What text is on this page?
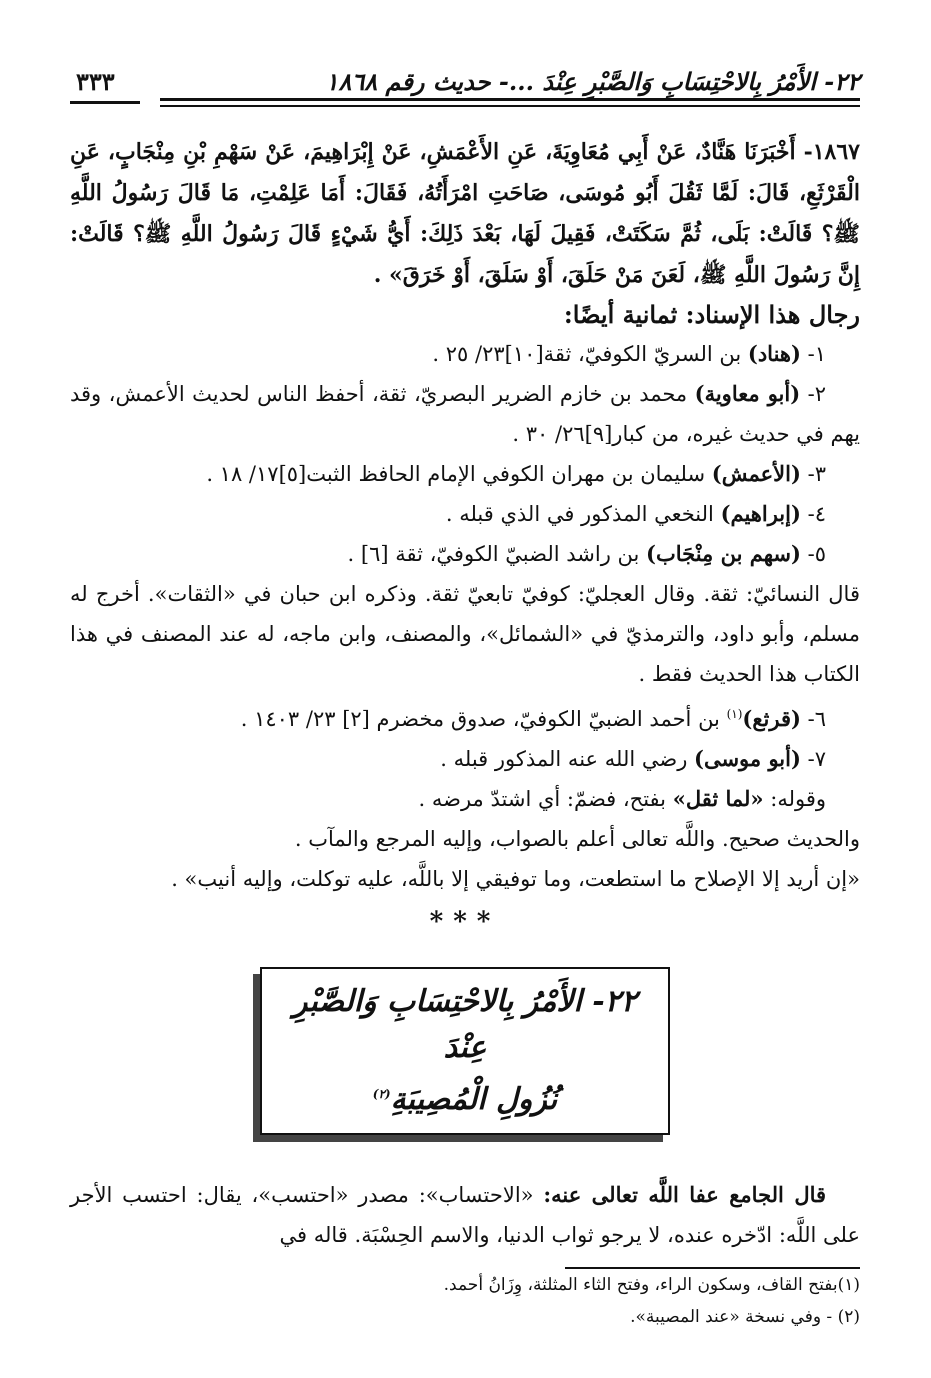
٢٢- الأَمْرُ بِالاحْتِسَابِ وَالصَّبْرِ عِنْدَ ...- حديث رقم ١٨٦٨
٣٣٣
١٨٦٧- أَخْبَرَنَا هَنَّادٌ، عَنْ أَبِي مُعَاوِيَةَ، عَنِ الأَعْمَشِ، عَنْ إِبْرَاهِيمَ، عَنْ سَهْمِ بْنِ مِنْجَابٍ، عَنِ الْقَرْثَعِ، قَالَ: لَمَّا ثَقُلَ أَبُو مُوسَى، صَاحَتِ امْرَأَتُهُ، فَقَالَ: أَمَا عَلِمْتِ، مَا قَالَ رَسُولُ اللَّهِ ﷺ؟ قَالَتْ: بَلَى، ثُمَّ سَكَتَتْ، فَقِيلَ لَهَا، بَعْدَ ذَلِكَ: أَيُّ شَيْءٍ قَالَ رَسُولُ اللَّهِ ﷺ؟ قَالَتْ: إِنَّ رَسُولَ اللَّهِ ﷺ، لَعَنَ مَنْ حَلَقَ، أَوْ سَلَقَ، أَوْ خَرَقَ» .
رجال هذا الإسناد: ثمانية أيضًا:

١- (هناد) بن السريّ الكوفيّ، ثقة[١٠]٢٣/ ٢٥ .

٢- (أبو معاوية) محمد بن خازم الضرير البصريّ، ثقة، أحفظ الناس لحديث الأعمش، وقد يهم في حديث غيره، من كبار[٩]٢٦/ ٣٠ .

٣- (الأعمش) سليمان بن مهران الكوفي الإمام الحافظ الثبت[٥]١٧/ ١٨ .

٤- (إبراهيم) النخعي المذكور في الذي قبله .

٥- (سهم بن مِنْجَاب) بن راشد الضبيّ الكوفيّ، ثقة [٦] .

قال النسائيّ: ثقة. وقال العجليّ: كوفيّ تابعيّ ثقة. وذكره ابن حبان في «الثقات». أخرج له مسلم، وأبو داود، والترمذيّ في «الشمائل»، والمصنف، وابن ماجه، له عند المصنف في هذا الكتاب هذا الحديث فقط .

٦- (قرثع)$^{(١)}$ بن أحمد الضبيّ الكوفيّ، صدوق مخضرم [٢] ٢٣/ ١٤٠٣ .

٧- (أبو موسى) رضي الله عنه المذكور قبله .

وقوله: «لما ثقل» بفتح، فضمّ: أي اشتدّ مرضه .

والحديث صحيح. واللَّه تعالى أعلم بالصواب، وإليه المرجع والمآب .

«إن أريد إلا الإصلاح ما استطعت، وما توفيقي إلا باللَّه، عليه توكلت، وإليه أنيب» .

***
٢٢- الأَمْرُ بِالاحْتِسَابِ وَالصَّبْرِ عِنْدَ
نُزُولِ الْمُصِيبَةِ$^{(٢)}$

قال الجامع عفا اللَّه تعالى عنه: «الاحتساب»: مصدر «احتسب»، يقال: احتسب الأجر على اللَّه: ادّخره عنده، لا يرجو ثواب الدنيا، والاسم الحِسْبَة. قاله في

(١)بفتح القاف، وسكون الراء، وفتح الثاء المثلثة، وِزَانُ أحمد.

(٢) - وفي نسخة «عند المصيبة».
